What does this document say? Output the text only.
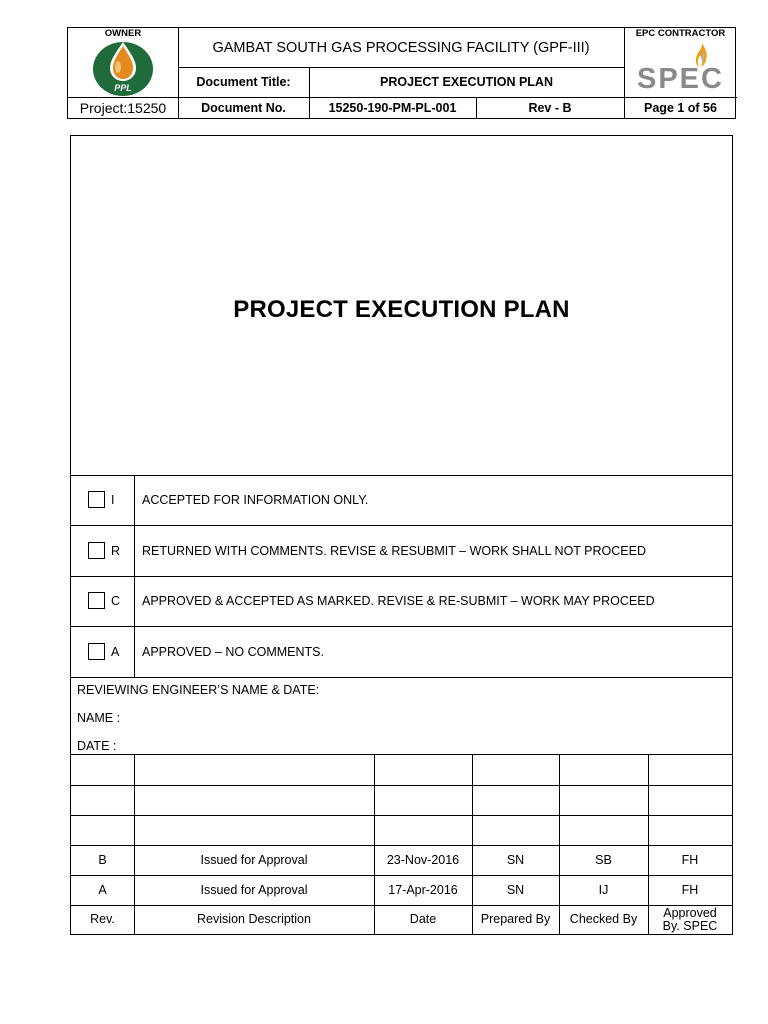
OWNER
PPL
GAMBAT SOUTH GAS PROCESSING FACILITY (GPF-III)
EPC CONTRACTOR
SPEC
Document Title:	PROJECT EXECUTION PLAN
Project:15250	Document No.	15250-190-PM-PL-001	Rev - B	Page 1 of 56
PROJECT EXECUTION PLAN
I ACCEPTED FOR INFORMATION ONLY.
R RETURNED WITH COMMENTS. REVISE & RESUBMIT – WORK SHALL NOT PROCEED
C APPROVED & ACCEPTED AS MARKED. REVISE & RE-SUBMIT – WORK MAY PROCEED
A APPROVED – NO COMMENTS.
REVIEWING ENGINEER’S NAME & DATE:
NAME :
DATE :
B	Issued for Approval	23-Nov-2016	SN	SB	FH
A	Issued for Approval	17-Apr-2016	SN	IJ	FH
Rev.	Revision Description	Date	Prepared By	Checked By	Approved By. SPEC
